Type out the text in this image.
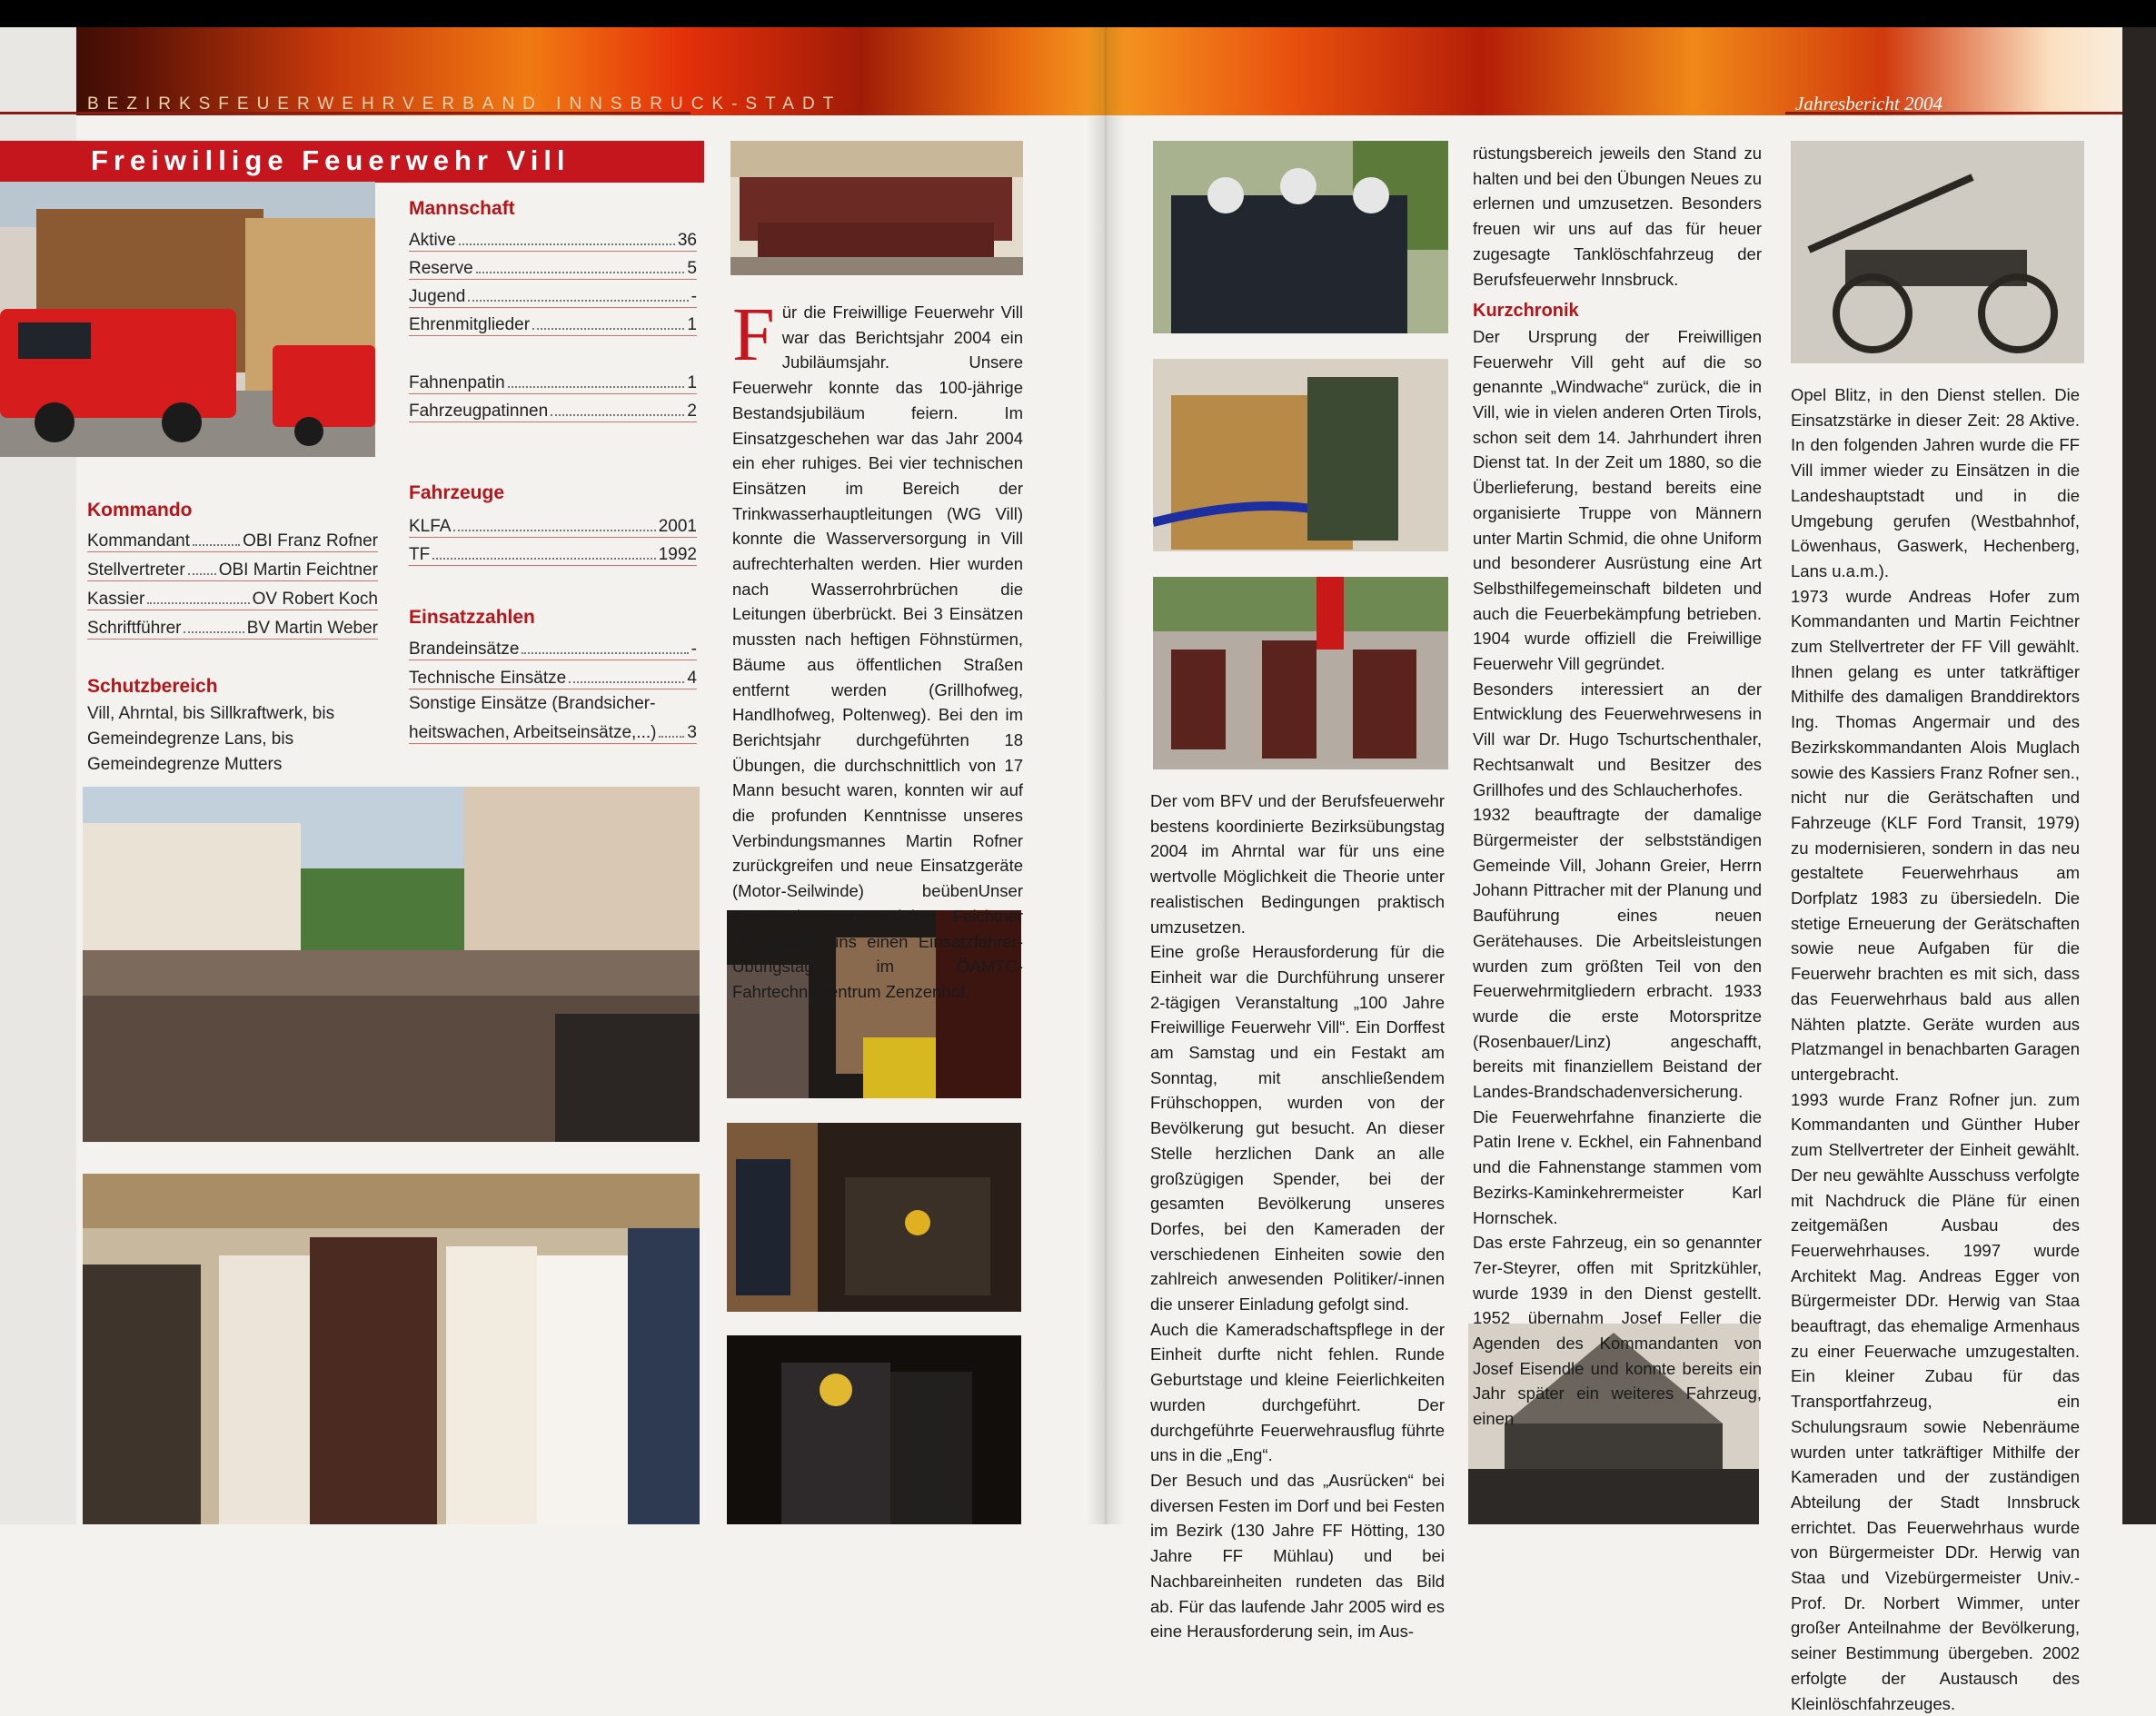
BEZIRKSFEUERWEHRVERBAND INNSBRUCK-STADT	Jahresbericht 2004
Freiwillige Feuerwehr Vill
Mannschaft
Aktive	36
Reserve	5
Jugend	-
Ehrenmitglieder	1
Fahnenpatin	1
Fahrzeugpatinnen	2
Fahrzeuge
KLFA	2001
TF	1992
Einsatzzahlen
Brandeinsätze	-
Technische Einsätze	4
Sonstige Einsätze (Brandsicher-
heitswachen, Arbeitseinsätze,...) 3
Kommando
Kommandant	OBI Franz Rofner
Stellvertreter OBI Martin Feichtner
Kassier	OV Robert Koch
Schriftführer	BV Martin Weber
Schutzbereich
Vill, Ahrntal, bis Sillkraftwerk, bis Gemeindegrenze Lans, bis Gemeindegrenze Mutters
F ür die Freiwillige Feuerwehr Vill war das Berichtsjahr 2004 ein Jubiläumsjahr. Unsere Feuerwehr konnte das 100-jährige Bestandsjubiläum feiern. Im Einsatzgeschehen war das Jahr 2004 ein eher ruhiges. Bei vier technischen Einsätzen im Bereich der Trinkwasserhauptleitungen (WG Vill) konnte die Wasserversorgung in Vill aufrechterhalten werden. Hier wurden nach Wasserrohrbrüchen die Leitungen überbrückt. Bei 3 Einsätzen mussten nach heftigen Föhnstürmen, Bäume aus öffentlichen Straßen entfernt werden (Grillhofweg, Handlhofweg, Poltenweg). Bei den im Berichtsjahr durchgeführten 18 Übungen, die durchschnittlich von 17 Mann besucht waren, konnten wir auf die profunden Kenntnisse unseres Verbindungsmannes Martin Rofner zurückgreifen und neue Einsatzgeräte (Motor-Seilwinde) beübenUnser Kamerad Ing. Alois Feichtner ermöglichte uns einen Einsatzfahrer-Übungstag im ÖAMTC-Fahrtechnikzentrum Zenzenhof.

Der vom BFV und der Berufsfeuerwehr bestens koordinierte Bezirksübungstag 2004 im Ahrntal war für uns eine wertvolle Möglichkeit die Theorie unter realistischen Bedingungen praktisch umzusetzen.

Eine große Herausforderung für die Einheit war die Durchführung unserer 2-tägigen Veranstaltung „100 Jahre Freiwillige Feuerwehr Vill“. Ein Dorffest am Samstag und ein Festakt am Sonntag, mit anschließendem Frühschoppen, wurden von der Bevölkerung gut besucht. An dieser Stelle herzlichen Dank an alle großzügigen Spender, bei der gesamten Bevölkerung unseres Dorfes, bei den Kameraden der verschiedenen Einheiten sowie den zahlreich anwesenden Politiker/-innen die unserer Einladung gefolgt sind.

Auch die Kameradschaftspflege in der Einheit durfte nicht fehlen. Runde Geburtstage und kleine Feierlichkeiten wurden durchgeführt. Der durchgeführte Feuerwehrausflug führte uns in die „Eng“.

Der Besuch und das „Ausrücken“ bei diversen Festen im Dorf und bei Festen im Bezirk (130 Jahre FF Hötting, 130 Jahre FF Mühlau) und bei Nachbareinheiten rundeten das Bild ab. Für das laufende Jahr 2005 wird es eine Herausforderung sein, im Aus-

rüstungsbereich jeweils den Stand zu halten und bei den Übungen Neues zu erlernen und umzusetzen. Besonders freuen wir uns auf das für heuer zugesagte Tanklöschfahrzeug der Berufsfeuerwehr Innsbruck.

Kurzchronik

Der Ursprung der Freiwilligen Feuerwehr Vill geht auf die so genannte „Windwache“ zurück, die in Vill, wie in vielen anderen Orten Tirols, schon seit dem 14. Jahrhundert ihren Dienst tat. In der Zeit um 1880, so die Überlieferung, bestand bereits eine organisierte Truppe von Männern unter Martin Schmid, die ohne Uniform und besonderer Ausrüstung eine Art Selbsthilfegemeinschaft bildeten und auch die Feuerbekämpfung betrieben. 1904 wurde offiziell die Freiwillige Feuerwehr Vill gegründet.

Besonders interessiert an der Entwicklung des Feuerwehrwesens in Vill war Dr. Hugo Tschurtschenthaler, Rechtsanwalt und Besitzer des Grillhofes und des Schlaucherhofes.

1932 beauftragte der damalige Bürgermeister der selbstständigen Gemeinde Vill, Johann Greier, Herrn Johann Pittracher mit der Planung und Bauführung eines neuen Gerätehauses. Die Arbeitsleistungen wurden zum größten Teil von den Feuerwehrmitgliedern erbracht. 1933 wurde die erste Motorspritze (Rosenbauer/Linz) angeschafft, bereits mit finanziellem Beistand der Landes-Brandschadenversicherung. Die Feuerwehrfahne finanzierte die Patin Irene v. Eckhel, ein Fahnenband und die Fahnenstange stammen vom Bezirks-Kaminkehrermeister Karl Hornschek.

Das erste Fahrzeug, ein so genannter 7er-Steyrer, offen mit Spritzkühler, wurde 1939 in den Dienst gestellt. 1952 übernahm Josef Feller die Agenden des Kommandanten von Josef Eisendle und konnte bereits ein Jahr später ein weiteres Fahrzeug, einen

Opel Blitz, in den Dienst stellen. Die Einsatzstärke in dieser Zeit: 28 Aktive. In den folgenden Jahren wurde die FF Vill immer wieder zu Einsätzen in die Landeshauptstadt und in die Umgebung gerufen (Westbahnhof, Löwenhaus, Gaswerk, Hechenberg, Lans u.a.m.).

1973 wurde Andreas Hofer zum Kommandanten und Martin Feichtner zum Stellvertreter der FF Vill gewählt. Ihnen gelang es unter tatkräftiger Mithilfe des damaligen Branddirektors Ing. Thomas Angermair und des Bezirkskommandanten Alois Muglach sowie des Kassiers Franz Rofner sen., nicht nur die Gerätschaften und Fahrzeuge (KLF Ford Transit, 1979) zu modernisieren, sondern in das neu gestaltete Feuerwehrhaus am Dorfplatz 1983 zu übersiedeln. Die stetige Erneuerung der Gerätschaften sowie neue Aufgaben für die Feuerwehr brachten es mit sich, dass das Feuerwehrhaus bald aus allen Nähten platzte. Geräte wurden aus Platzmangel in benachbarten Garagen untergebracht.

1993 wurde Franz Rofner jun. zum Kommandanten und Günther Huber zum Stellvertreter der Einheit gewählt. Der neu gewählte Ausschuss verfolgte mit Nachdruck die Pläne für einen zeitgemäßen Ausbau des Feuerwehrhauses. 1997 wurde Architekt Mag. Andreas Egger von Bürgermeister DDr. Herwig van Staa beauftragt, das ehemalige Armenhaus zu einer Feuerwache umzugestalten. Ein kleiner Zubau für das Transportfahrzeug, ein Schulungsraum sowie Nebenräume wurden unter tatkräftiger Mithilfe der Kameraden und der zuständigen Abteilung der Stadt Innsbruck errichtet. Das Feuerwehrhaus wurde von Bürgermeister DDr. Herwig van Staa und Vizebürgermeister Univ.-Prof. Dr. Norbert Wimmer, unter großer Anteilnahme der Bevölkerung, seiner Bestimmung übergeben. 2002 erfolgte der Austausch des Kleinlöschfahrzeuges.
